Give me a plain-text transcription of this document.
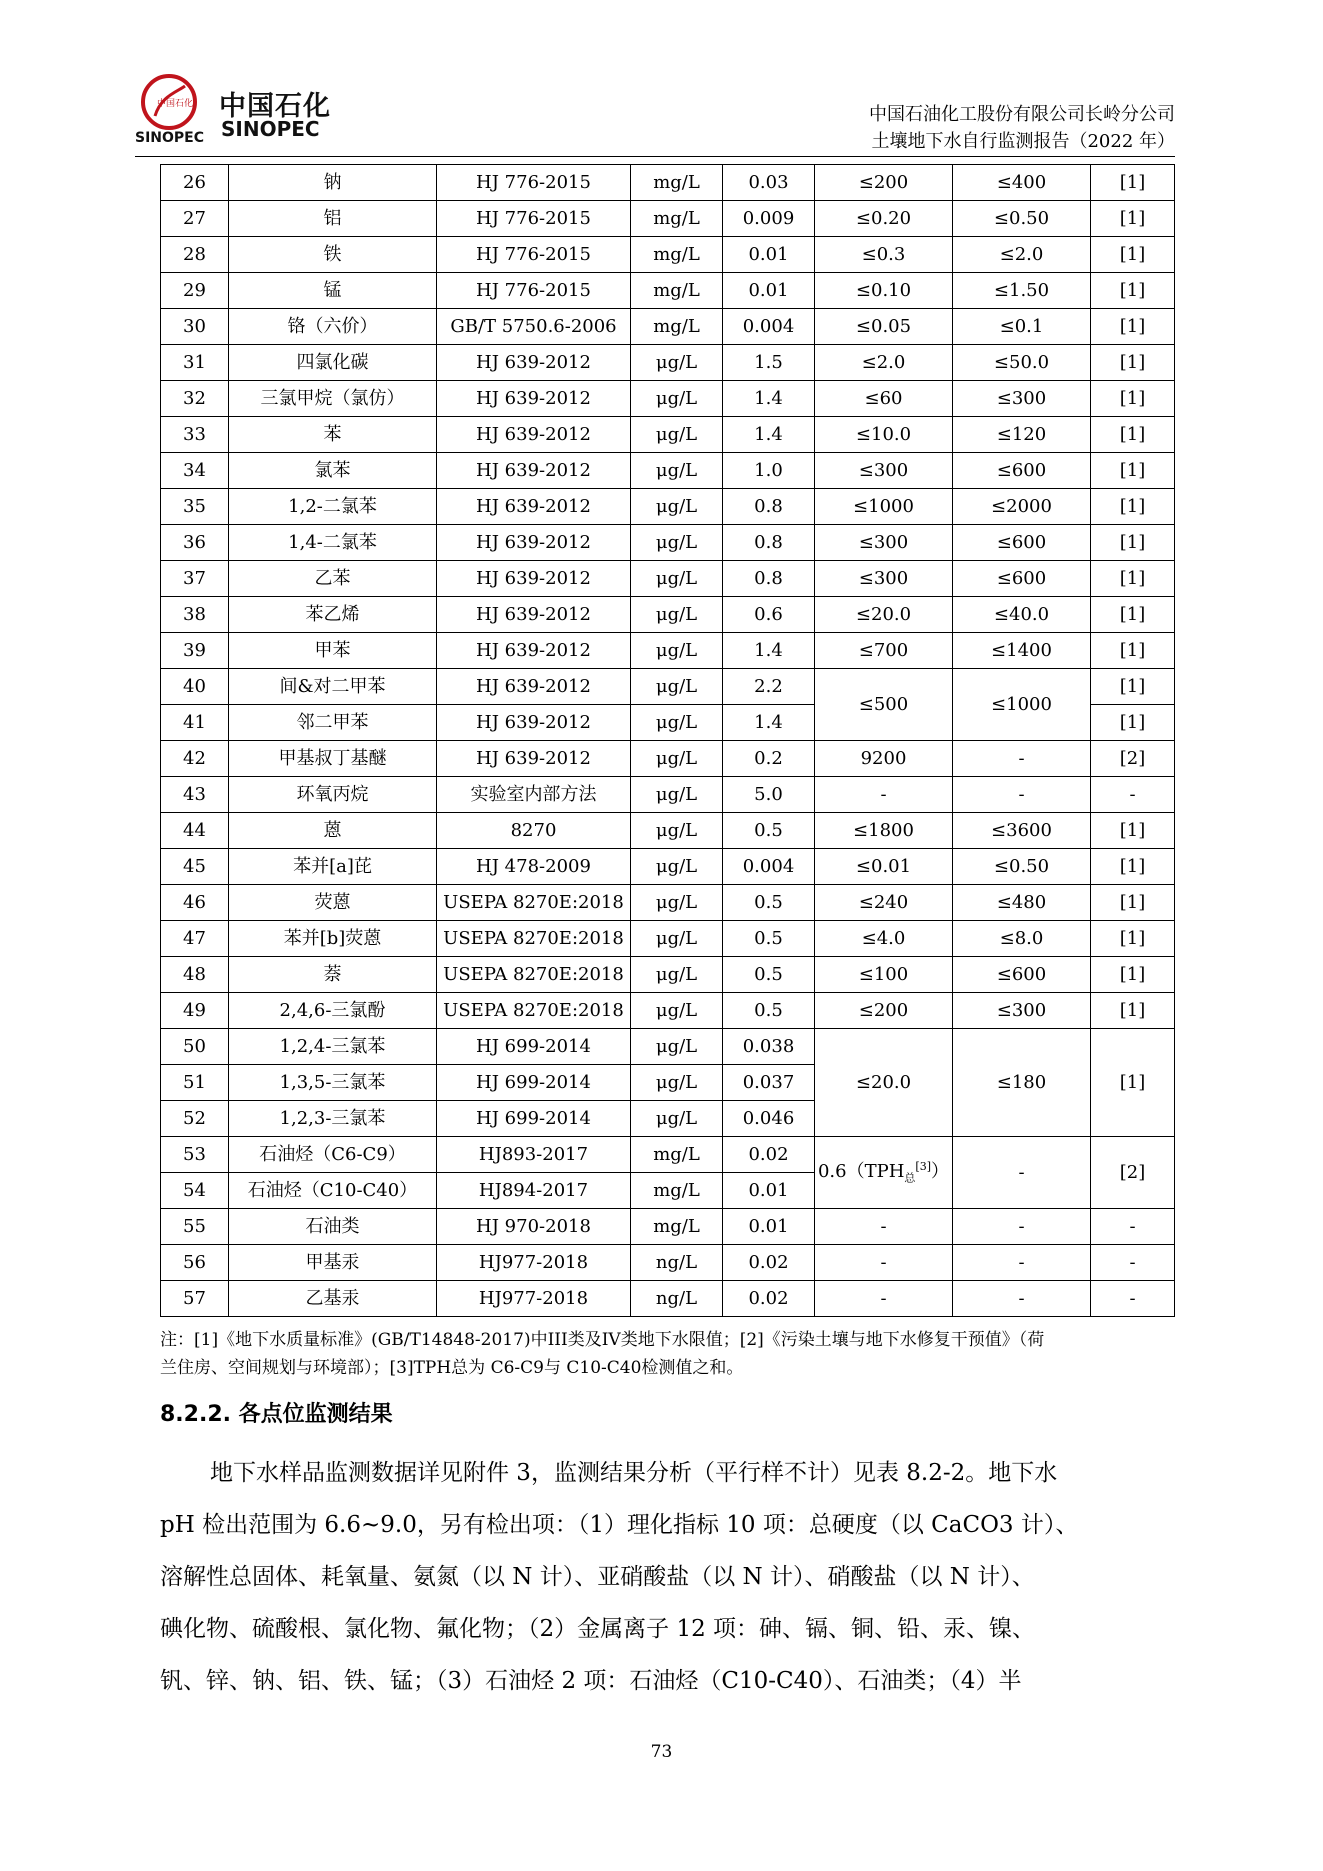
中国石化
SINOPEC
中国石化
SINOPEC
中国石油化工股份有限公司长岭分公司
土壤地下水自行监测报告（2022 年）
26	钠	HJ 776-2015	mg/L	0.03	≤200	≤400	[1]
27	铝	HJ 776-2015	mg/L	0.009	≤0.20	≤0.50	[1]
28	铁	HJ 776-2015	mg/L	0.01	≤0.3	≤2.0	[1]
29	锰	HJ 776-2015	mg/L	0.01	≤0.10	≤1.50	[1]
30	铬（六价）	GB/T 5750.6-2006	mg/L	0.004	≤0.05	≤0.1	[1]
31	四氯化碳	HJ 639-2012	μg/L	1.5	≤2.0	≤50.0	[1]
32	三氯甲烷（氯仿）	HJ 639-2012	μg/L	1.4	≤60	≤300	[1]
33	苯	HJ 639-2012	μg/L	1.4	≤10.0	≤120	[1]
34	氯苯	HJ 639-2012	μg/L	1.0	≤300	≤600	[1]
35	1,2-二氯苯	HJ 639-2012	μg/L	0.8	≤1000	≤2000	[1]
36	1,4-二氯苯	HJ 639-2012	μg/L	0.8	≤300	≤600	[1]
37	乙苯	HJ 639-2012	μg/L	0.8	≤300	≤600	[1]
38	苯乙烯	HJ 639-2012	μg/L	0.6	≤20.0	≤40.0	[1]
39	甲苯	HJ 639-2012	μg/L	1.4	≤700	≤1400	[1]
40	间&对二甲苯	HJ 639-2012	μg/L	2.2	≤500	≤1000	[1]
41	邻二甲苯	HJ 639-2012	μg/L	1.4			[1]
42	甲基叔丁基醚	HJ 639-2012	μg/L	0.2	9200	-	[2]
43	环氧丙烷	实验室内部方法	μg/L	5.0	-	-	-
44	蒽	8270	μg/L	0.5	≤1800	≤3600	[1]
45	苯并[a]芘	HJ 478-2009	μg/L	0.004	≤0.01	≤0.50	[1]
46	荧蒽	USEPA 8270E:2018	μg/L	0.5	≤240	≤480	[1]
47	苯并[b]荧蒽	USEPA 8270E:2018	μg/L	0.5	≤4.0	≤8.0	[1]
48	萘	USEPA 8270E:2018	μg/L	0.5	≤100	≤600	[1]
49	2,4,6-三氯酚	USEPA 8270E:2018	μg/L	0.5	≤200	≤300	[1]
50	1,2,4-三氯苯	HJ 699-2014	μg/L	0.038	≤20.0	≤180	[1]
51	1,3,5-三氯苯	HJ 699-2014	μg/L	0.037			
52	1,2,3-三氯苯	HJ 699-2014	μg/L	0.046			
53	石油烃（C6-C9）	HJ893-2017	mg/L	0.02	$0.6(TPH_总[3])$	-	[2]
54	石油烃（C10-C40）	HJ894-2017	mg/L	0.01			
55	石油类	HJ 970-2018	mg/L	0.01	-	-	-
56	甲基汞	HJ977-2018	ng/L	0.02	-	-	-
57	乙基汞	HJ977-2018	ng/L	0.02	-	-	-
注：[1]《地下水质量标准》(GB/T14848-2017)中III类及IV类地下水限值；[2]《污染土壤与地下水修复干预值》（荷
兰住房、空间规划与环境部）；[3]TPH总为 C6-C9与 C10-C40检测值之和。
8.2.2. 各点位监测结果

地下水样品监测数据详见附件 3，监测结果分析（平行样不计）见表 8.2-2。地下水

pH 检出范围为 6.6~9.0，另有检出项：（1）理化指标 10 项：总硬度（以 CaCO3 计）、

溶解性总固体、耗氧量、氨氮（以 N 计）、亚硝酸盐（以 N 计）、硝酸盐（以 N 计）、

碘化物、硫酸根、氯化物、氟化物；（2）金属离子 12 项：砷、镉、铜、铅、汞、镍、

钒、锌、钠、铝、铁、锰；（3）石油烃 2 项：石油烃（C10-C40）、石油类；（4）半

73
